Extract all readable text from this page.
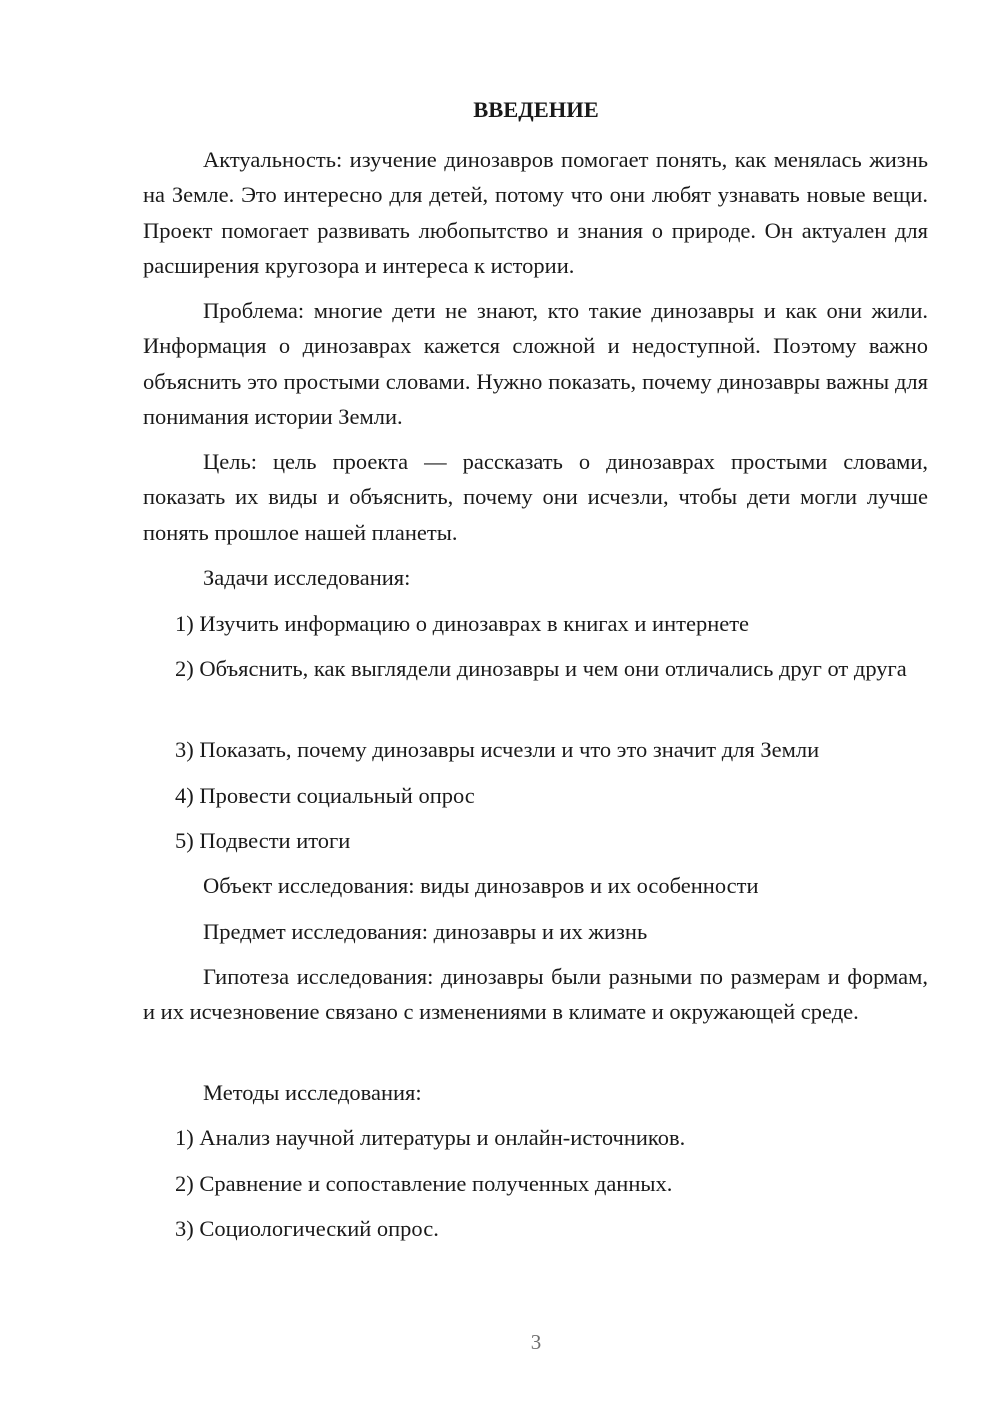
ВВЕДЕНИЕ
Актуальность: изучение динозавров помогает понять, как менялась жизнь на Земле. Это интересно для детей, потому что они любят узнавать новые вещи. Проект помогает развивать любопытство и знания о природе. Он актуален для расширения кругозора и интереса к истории.
Проблема: многие дети не знают, кто такие динозавры и как они жили. Информация о динозаврах кажется сложной и недоступной. Поэтому важно объяснить это простыми словами. Нужно показать, почему динозавры важны для понимания истории Земли.
Цель: цель проекта — рассказать о динозаврах простыми словами, показать их виды и объяснить, почему они исчезли, чтобы дети могли лучше понять прошлое нашей планеты.
Задачи исследования:
1) Изучить информацию о динозаврах в книгах и интернете
2) Объяснить, как выглядели динозавры и чем они отличались друг от друга
3) Показать, почему динозавры исчезли и что это значит для Земли
4) Провести социальный опрос
5) Подвести итоги
Объект исследования: виды динозавров и их особенности
Предмет исследования: динозавры и их жизнь
Гипотеза исследования: динозавры были разными по размерам и формам, и их исчезновение связано с изменениями в климате и окружающей среде.
Методы исследования:
1) Анализ научной литературы и онлайн-источников.
2) Сравнение и сопоставление полученных данных.
3) Социологический опрос.
3
